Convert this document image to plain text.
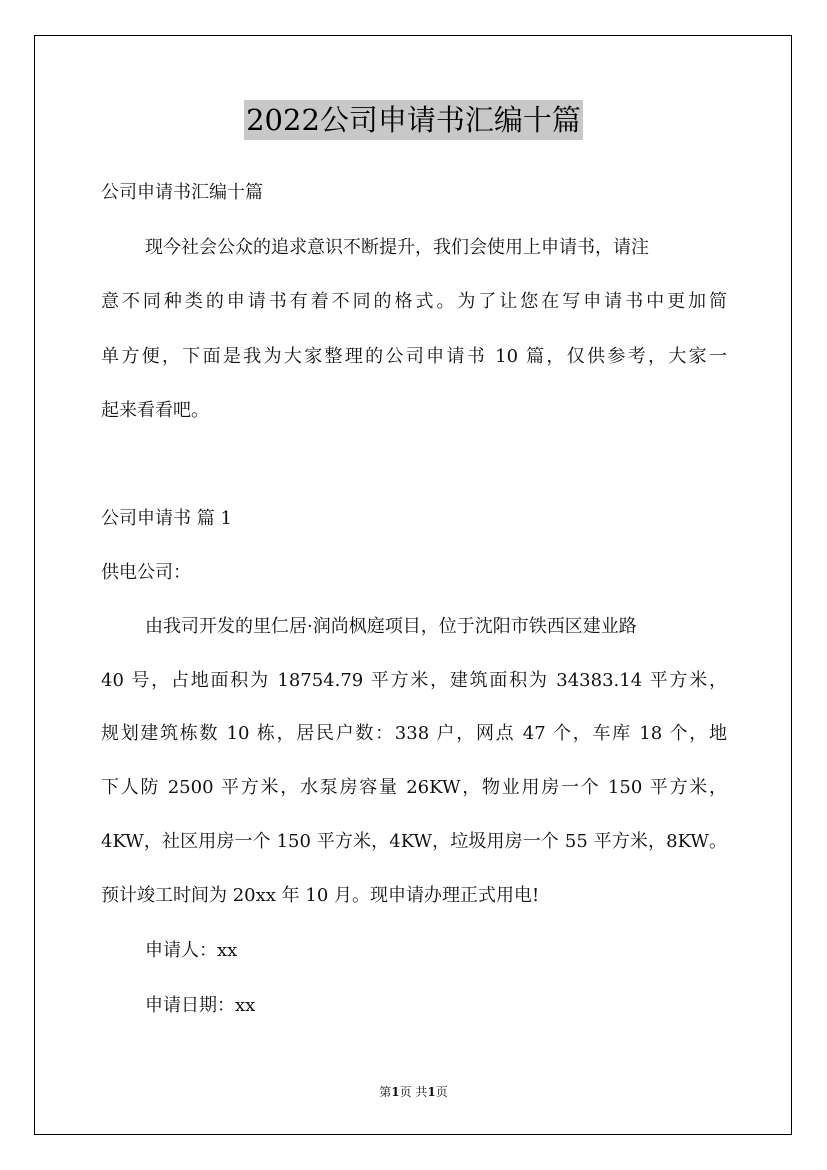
2022公司申请书汇编十篇
公司申请书汇编十篇
现今社会公众的追求意识不断提升，我们会使用上申请书，请注
意不同种类的申请书有着不同的格式。为了让您在写申请书中更加简
单方便，下面是我为大家整理的公司申请书 10 篇，仅供参考，大家一
起来看看吧。
公司申请书 篇 1
供电公司：
由我司开发的里仁居·润尚枫庭项目，位于沈阳市铁西区建业路
40 号，占地面积为 18754.79 平方米，建筑面积为 34383.14 平方米，
规划建筑栋数 10 栋，居民户数：338 户，网点 47 个，车库 18 个，地
下人防 2500 平方米，水泵房容量 26KW，物业用房一个 150 平方米，
4KW，社区用房一个 150 平方米，4KW，垃圾用房一个 55 平方米，8KW。
预计竣工时间为 20xx 年 10 月。现申请办理正式用电!
申请人：xx
申请日期：xx
第1页 共1页
